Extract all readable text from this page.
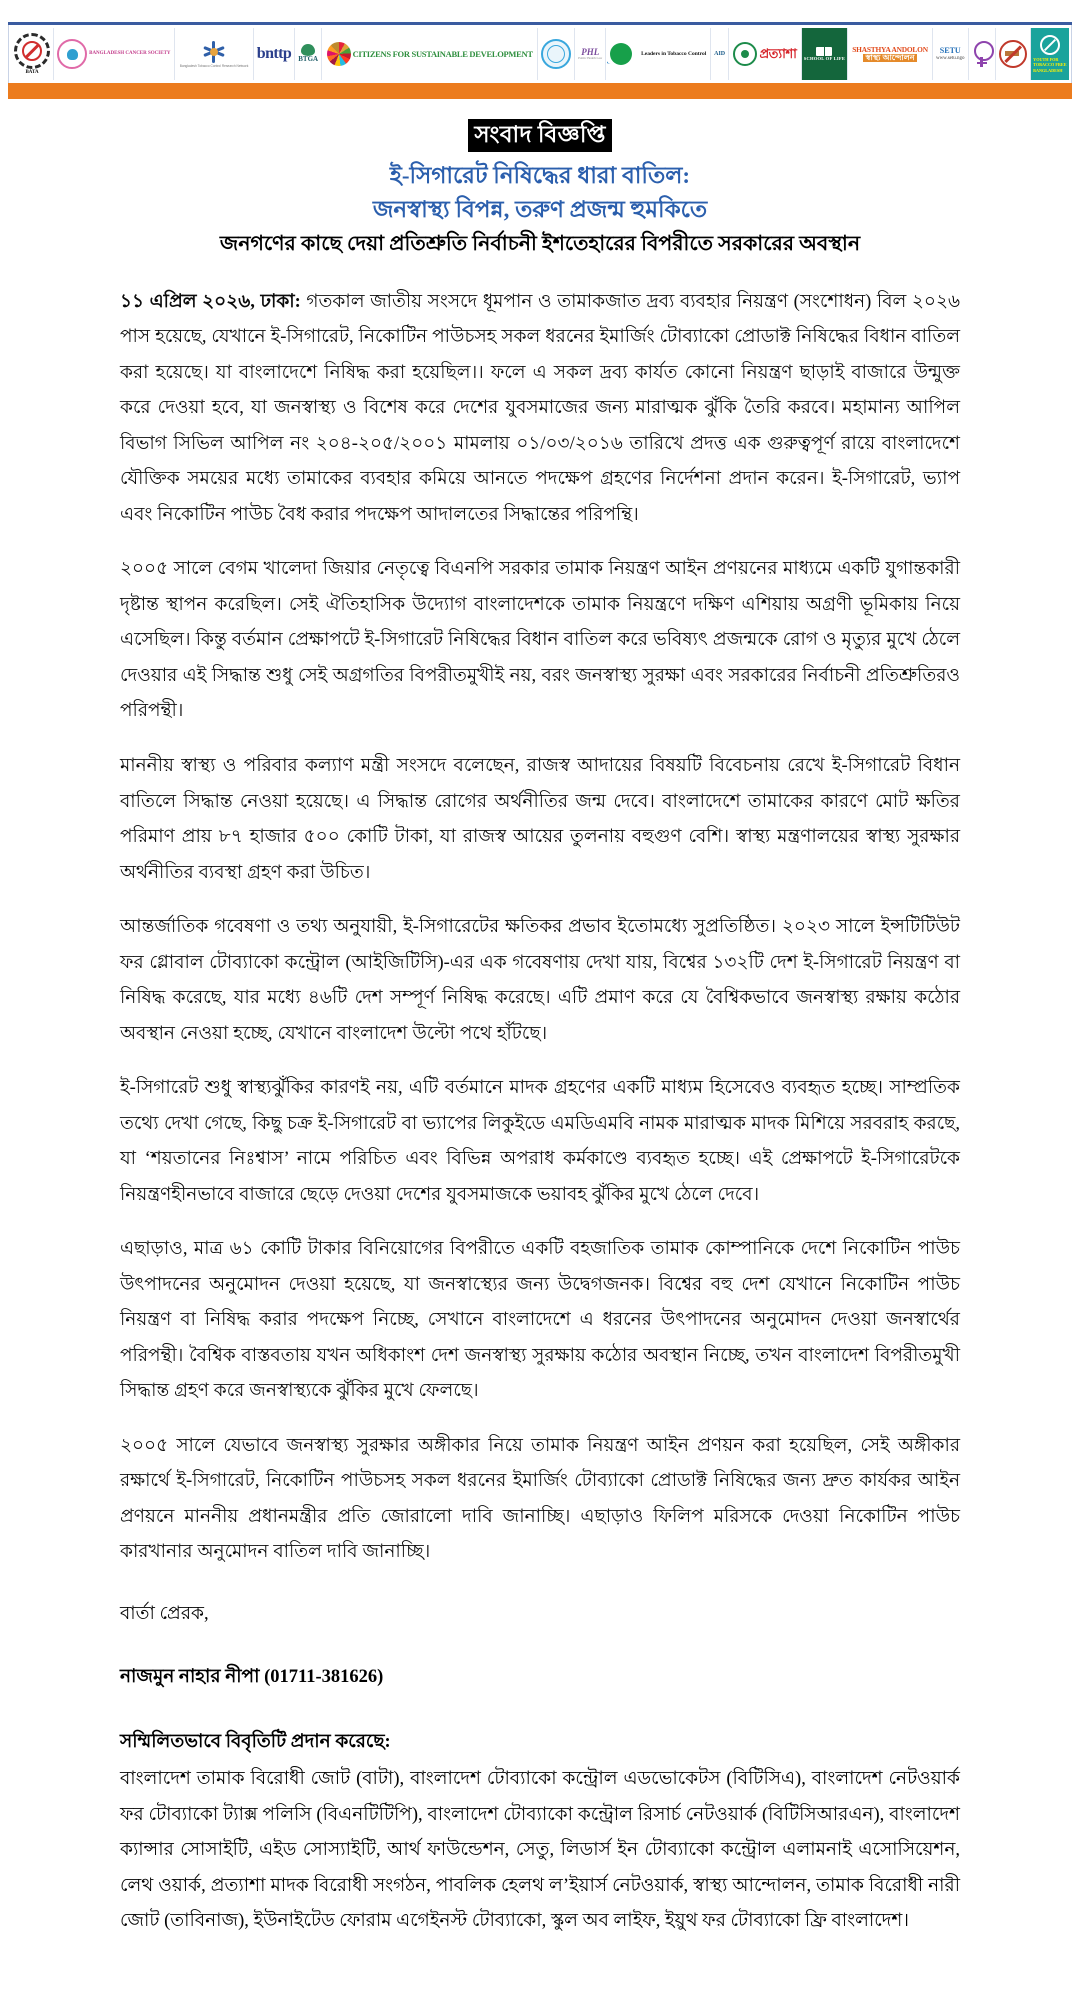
BATA
BANGLADESH CANCER SOCIETY
Bangladesh Tobacco Control Research Network
bnttp BTGA
CITIZENS FOR SUSTAINABLE DEVELOPMENT	PHL
Public Health Law
Leaders in Tobacco Control AID	প্রত্যাশা SCHOOL OF LIFE
SHASTHYA ANDOLON
স্বাস্থ্য আন্দোলন
SETU
www.setu.ngo	YOUTH FOR
TOBACCO FREE
BANGLADESH
সংবাদ বিজ্ঞপ্তি
ই-সিগারেট নিষিদ্ধের ধারা বাতিল:
জনস্বাস্থ্য বিপন্ন, তরুণ প্রজন্ম হুমকিতে
জনগণের কাছে দেয়া প্রতিশ্রুতি নির্বাচনী ইশতেহারের বিপরীতে সরকারের অবস্থান

১১ এপ্রিল ২০২৬, ঢাকা: গতকাল জাতীয় সংসদে ধূমপান ও তামাকজাত দ্রব্য ব্যবহার নিয়ন্ত্রণ (সংশোধন) বিল ২০২৬ পাস হয়েছে, যেখানে ই-সিগারেট, নিকোটিন পাউচসহ সকল ধরনের ইমার্জিং টোব্যাকো প্রোডাক্ট নিষিদ্ধের বিধান বাতিল করা হয়েছে। যা বাংলাদেশে নিষিদ্ধ করা হয়েছিল।। ফলে এ সকল দ্রব্য কার্যত কোনো নিয়ন্ত্রণ ছাড়াই বাজারে উন্মুক্ত করে দেওয়া হবে, যা জনস্বাস্থ্য ও বিশেষ করে দেশের যুবসমাজের জন্য মারাত্মক ঝুঁকি তৈরি করবে। মহামান্য আপিল বিভাগ সিভিল আপিল নং ২০৪-২০৫/২০০১ মামলায় ০১/০৩/২০১৬ তারিখে প্রদত্ত এক গুরুত্বপূর্ণ রায়ে বাংলাদেশে যৌক্তিক সময়ের মধ্যে তামাকের ব্যবহার কমিয়ে আনতে পদক্ষেপ গ্রহণের নির্দেশনা প্রদান করেন। ই-সিগারেট, ভ্যাপ এবং নিকোটিন পাউচ বৈধ করার পদক্ষেপ আদালতের সিদ্ধান্তের পরিপন্থি।

২০০৫ সালে বেগম খালেদা জিয়ার নেতৃত্বে বিএনপি সরকার তামাক নিয়ন্ত্রণ আইন প্রণয়নের মাধ্যমে একটি যুগান্তকারী দৃষ্টান্ত স্থাপন করেছিল। সেই ঐতিহাসিক উদ্যোগ বাংলাদেশকে তামাক নিয়ন্ত্রণে দক্ষিণ এশিয়ায় অগ্রণী ভূমিকায় নিয়ে এসেছিল। কিন্তু বর্তমান প্রেক্ষাপটে ই-সিগারেট নিষিদ্ধের বিধান বাতিল করে ভবিষ্যৎ প্রজন্মকে রোগ ও মৃত্যুর মুখে ঠেলে দেওয়ার এই সিদ্ধান্ত শুধু সেই অগ্রগতির বিপরীতমুখীই নয়, বরং জনস্বাস্থ্য সুরক্ষা এবং সরকারের নির্বাচনী প্রতিশ্রুতিরও পরিপন্থী।

মাননীয় স্বাস্থ্য ও পরিবার কল্যাণ মন্ত্রী সংসদে বলেছেন, রাজস্ব আদায়ের বিষয়টি বিবেচনায় রেখে ই-সিগারেট বিধান বাতিলে সিদ্ধান্ত নেওয়া হয়েছে। এ সিদ্ধান্ত রোগের অর্থনীতির জন্ম দেবে। বাংলাদেশে তামাকের কারণে মোট ক্ষতির পরিমাণ প্রায় ৮৭ হাজার ৫০০ কোটি টাকা, যা রাজস্ব আয়ের তুলনায় বহুগুণ বেশি। স্বাস্থ্য মন্ত্রণালয়ের স্বাস্থ্য সুরক্ষার অর্থনীতির ব্যবস্থা গ্রহণ করা উচিত।

আন্তর্জাতিক গবেষণা ও তথ্য অনুযায়ী, ই-সিগারেটের ক্ষতিকর প্রভাব ইতোমধ্যে সুপ্রতিষ্ঠিত। ২০২৩ সালে ইন্সটিটিউট ফর গ্লোবাল টোব্যাকো কন্ট্রোল (আইজিটিসি)-এর এক গবেষণায় দেখা যায়, বিশ্বের ১৩২টি দেশ ই-সিগারেট নিয়ন্ত্রণ বা নিষিদ্ধ করেছে, যার মধ্যে ৪৬টি দেশ সম্পূর্ণ নিষিদ্ধ করেছে। এটি প্রমাণ করে যে বৈশ্বিকভাবে জনস্বাস্থ্য রক্ষায় কঠোর অবস্থান নেওয়া হচ্ছে, যেখানে বাংলাদেশ উল্টো পথে হাঁটছে।

ই-সিগারেট শুধু স্বাস্থ্যঝুঁকির কারণই নয়, এটি বর্তমানে মাদক গ্রহণের একটি মাধ্যম হিসেবেও ব্যবহৃত হচ্ছে। সাম্প্রতিক তথ্যে দেখা গেছে, কিছু চক্র ই-সিগারেট বা ভ্যাপের লিকুইডে এমডিএমবি নামক মারাত্মক মাদক মিশিয়ে সরবরাহ করছে, যা ‘শয়তানের নিঃশ্বাস’ নামে পরিচিত এবং বিভিন্ন অপরাধ কর্মকাণ্ডে ব্যবহৃত হচ্ছে। এই প্রেক্ষাপটে ই-সিগারেটকে নিয়ন্ত্রণহীনভাবে বাজারে ছেড়ে দেওয়া দেশের যুবসমাজকে ভয়াবহ ঝুঁকির মুখে ঠেলে দেবে।

এছাড়াও, মাত্র ৬১ কোটি টাকার বিনিয়োগের বিপরীতে একটি বহজাতিক তামাক কোম্পানিকে দেশে নিকোটিন পাউচ উৎপাদনের অনুমোদন দেওয়া হয়েছে, যা জনস্বাস্থ্যের জন্য উদ্বেগজনক। বিশ্বের বহু দেশ যেখানে নিকোটিন পাউচ নিয়ন্ত্রণ বা নিষিদ্ধ করার পদক্ষেপ নিচ্ছে, সেখানে বাংলাদেশে এ ধরনের উৎপাদনের অনুমোদন দেওয়া জনস্বার্থের পরিপন্থী। বৈশ্বিক বাস্তবতায় যখন অধিকাংশ দেশ জনস্বাস্থ্য সুরক্ষায় কঠোর অবস্থান নিচ্ছে, তখন বাংলাদেশ বিপরীতমুখী সিদ্ধান্ত গ্রহণ করে জনস্বাস্থ্যকে ঝুঁকির মুখে ফেলছে।

২০০৫ সালে যেভাবে জনস্বাস্থ্য সুরক্ষার অঙ্গীকার নিয়ে তামাক নিয়ন্ত্রণ আইন প্রণয়ন করা হয়েছিল, সেই অঙ্গীকার রক্ষার্থে ই-সিগারেট, নিকোটিন পাউচসহ সকল ধরনের ইমার্জিং টোব্যাকো প্রোডাক্ট নিষিদ্ধের জন্য দ্রুত কার্যকর আইন প্রণয়নে মাননীয় প্রধানমন্ত্রীর প্রতি জোরালো দাবি জানাচ্ছি। এছাড়াও ফিলিপ মরিসকে দেওয়া নিকোটিন পাউচ কারখানার অনুমোদন বাতিল দাবি জানাচ্ছি।

বার্তা প্রেরক,

নাজমুন নাহার নীপা (01711-381626)

সম্মিলিতভাবে বিবৃতিটি প্রদান করেছে:

বাংলাদেশ তামাক বিরোধী জোট (বাটা), বাংলাদেশ টোব্যাকো কন্ট্রোল এডভোকেটস (বিটিসিএ), বাংলাদেশ নেটওয়ার্ক ফর টোব্যাকো ট্যাক্স পলিসি (বিএনটিটিপি), বাংলাদেশ টোব্যাকো কন্ট্রোল রিসার্চ নেটওয়ার্ক (বিটিসিআরএন), বাংলাদেশ ক্যান্সার সোসাইটি, এইড সোস্যাইটি, আর্থ ফাউন্ডেশন, সেতু, লিডার্স ইন টোব্যাকো কন্ট্রোল এলামনাই এসোসিয়েশন, লেথ ওয়ার্ক, প্রত্যাশা মাদক বিরোধী সংগঠন, পাবলিক হেলথ ল’ইয়ার্স নেটওয়ার্ক, স্বাস্থ্য আন্দোলন, তামাক বিরোধী নারী জোট (তাবিনাজ), ইউনাইটেড ফোরাম এগেইনস্ট টোব্যাকো, স্কুল অব লাইফ, ইয়ুথ ফর টোব্যাকো ফ্রি বাংলাদেশ।
